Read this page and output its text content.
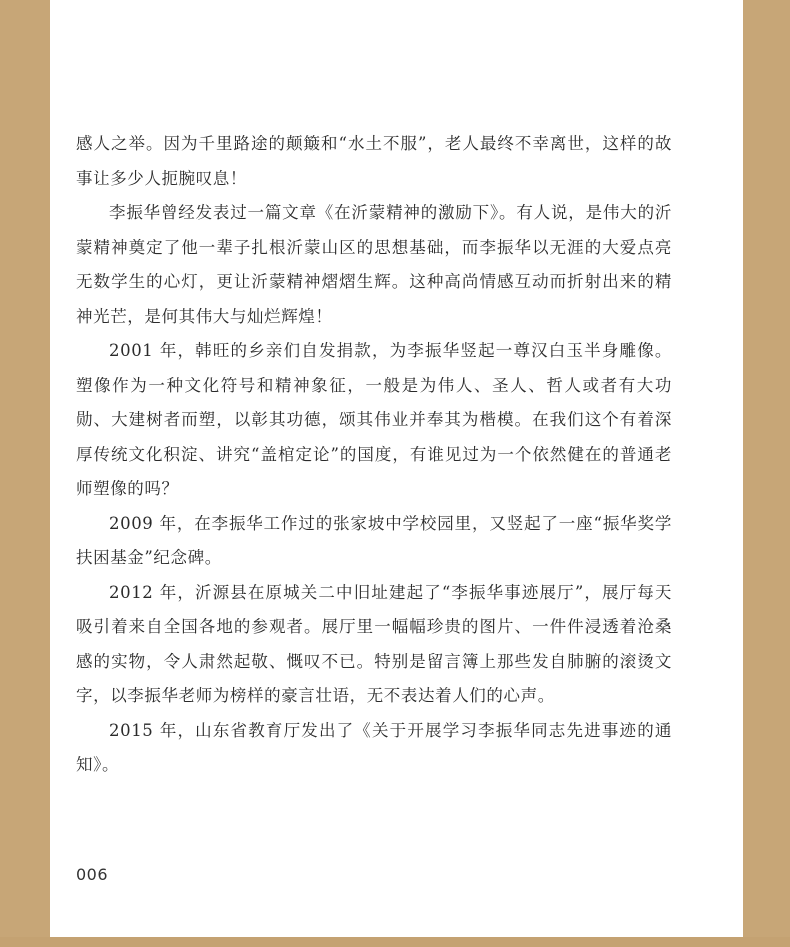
感人之举。因为千里路途的颠簸和“水土不服”，老人最终不幸离世，这样的故事让多少人扼腕叹息！

李振华曾经发表过一篇文章《在沂蒙精神的激励下》。有人说，是伟大的沂蒙精神奠定了他一辈子扎根沂蒙山区的思想基础，而李振华以无涯的大爱点亮无数学生的心灯，更让沂蒙精神熠熠生辉。这种高尚情感互动而折射出来的精神光芒，是何其伟大与灿烂辉煌！

2001 年，韩旺的乡亲们自发捐款，为李振华竖起一尊汉白玉半身雕像。塑像作为一种文化符号和精神象征，一般是为伟人、圣人、哲人或者有大功勋、大建树者而塑，以彰其功德，颂其伟业并奉其为楷模。在我们这个有着深厚传统文化积淀、讲究“盖棺定论”的国度，有谁见过为一个依然健在的普通老师塑像的吗？

2009 年，在李振华工作过的张家坡中学校园里，又竖起了一座“振华奖学扶困基金”纪念碑。

2012 年，沂源县在原城关二中旧址建起了“李振华事迹展厅”，展厅每天吸引着来自全国各地的参观者。展厅里一幅幅珍贵的图片、一件件浸透着沧桑感的实物，令人肃然起敬、慨叹不已。特别是留言簿上那些发自肺腑的滚烫文字，以李振华老师为榜样的豪言壮语，无不表达着人们的心声。

2015 年，山东省教育厅发出了《关于开展学习李振华同志先进事迹的通知》。

006
